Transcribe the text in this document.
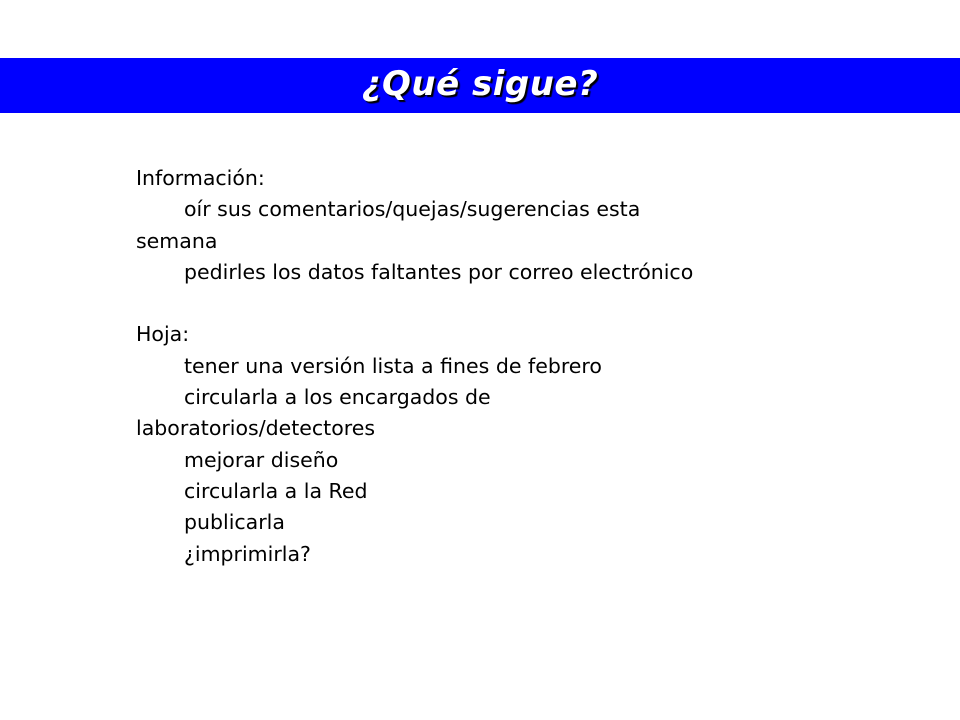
¿Qué sigue?
Información:
oír sus comentarios/quejas/sugerencias esta
semana
pedirles los datos faltantes por correo electrónico
Hoja:
tener una versión lista a fines de febrero
circularla a los encargados de
laboratorios/detectores
mejorar diseño
circularla a la Red
publicarla
¿imprimirla?
